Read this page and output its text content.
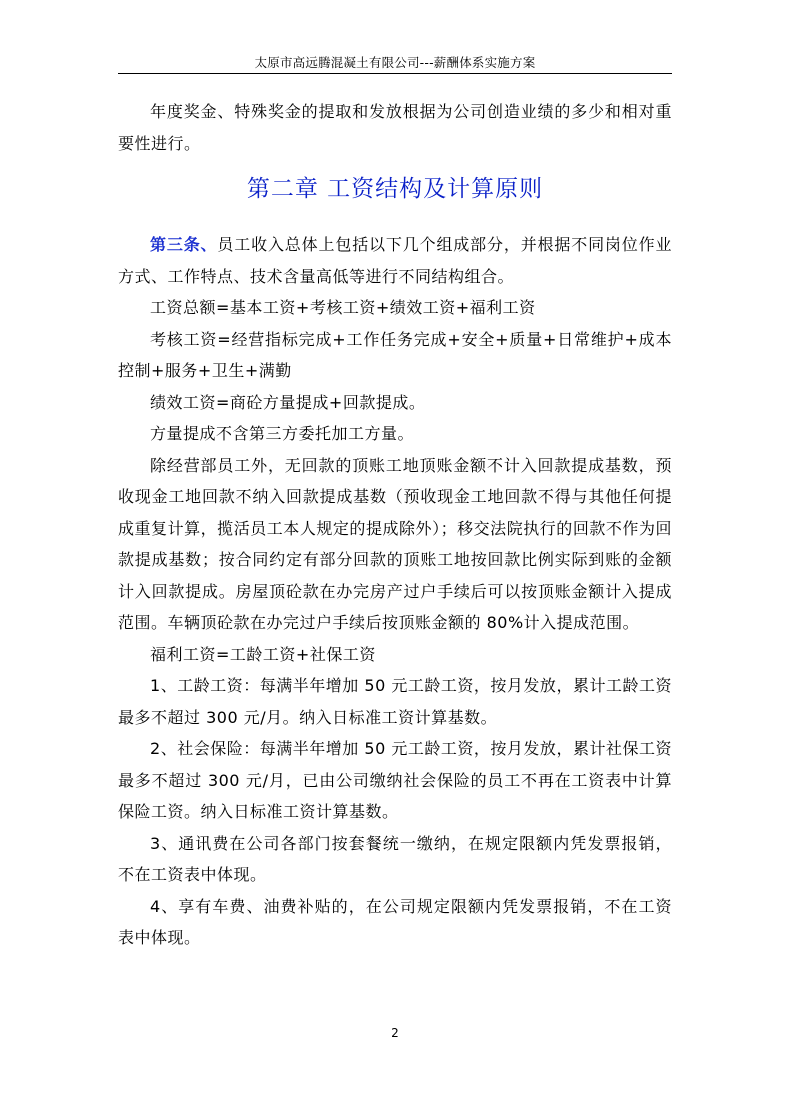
太原市高远腾混凝土有限公司---薪酬体系实施方案

年度奖金、特殊奖金的提取和发放根据为公司创造业绩的多少和相对重要性进行。

第二章 工资结构及计算原则

第三条、员工收入总体上包括以下几个组成部分，并根据不同岗位作业方式、工作特点、技术含量高低等进行不同结构组合。

工资总额=基本工资+考核工资+绩效工资+福利工资

考核工资=经营指标完成+工作任务完成+安全+质量+日常维护+成本控制+服务+卫生+满勤

绩效工资=商砼方量提成+回款提成。

方量提成不含第三方委托加工方量。

除经营部员工外，无回款的顶账工地顶账金额不计入回款提成基数，预收现金工地回款不纳入回款提成基数（预收现金工地回款不得与其他任何提成重复计算，揽活员工本人规定的提成除外）；移交法院执行的回款不作为回款提成基数；按合同约定有部分回款的顶账工地按回款比例实际到账的金额计入回款提成。房屋顶砼款在办完房产过户手续后可以按顶账金额计入提成范围。车辆顶砼款在办完过户手续后按顶账金额的 80%计入提成范围。

福利工资=工龄工资+社保工资

1、工龄工资：每满半年增加 50 元工龄工资，按月发放，累计工龄工资最多不超过 300 元/月。纳入日标准工资计算基数。

2、社会保险：每满半年增加 50 元工龄工资，按月发放，累计社保工资最多不超过 300 元/月，已由公司缴纳社会保险的员工不再在工资表中计算保险工资。纳入日标准工资计算基数。

3、通讯费在公司各部门按套餐统一缴纳，在规定限额内凭发票报销，不在工资表中体现。

4、享有车费、油费补贴的，在公司规定限额内凭发票报销，不在工资表中体现。

2
